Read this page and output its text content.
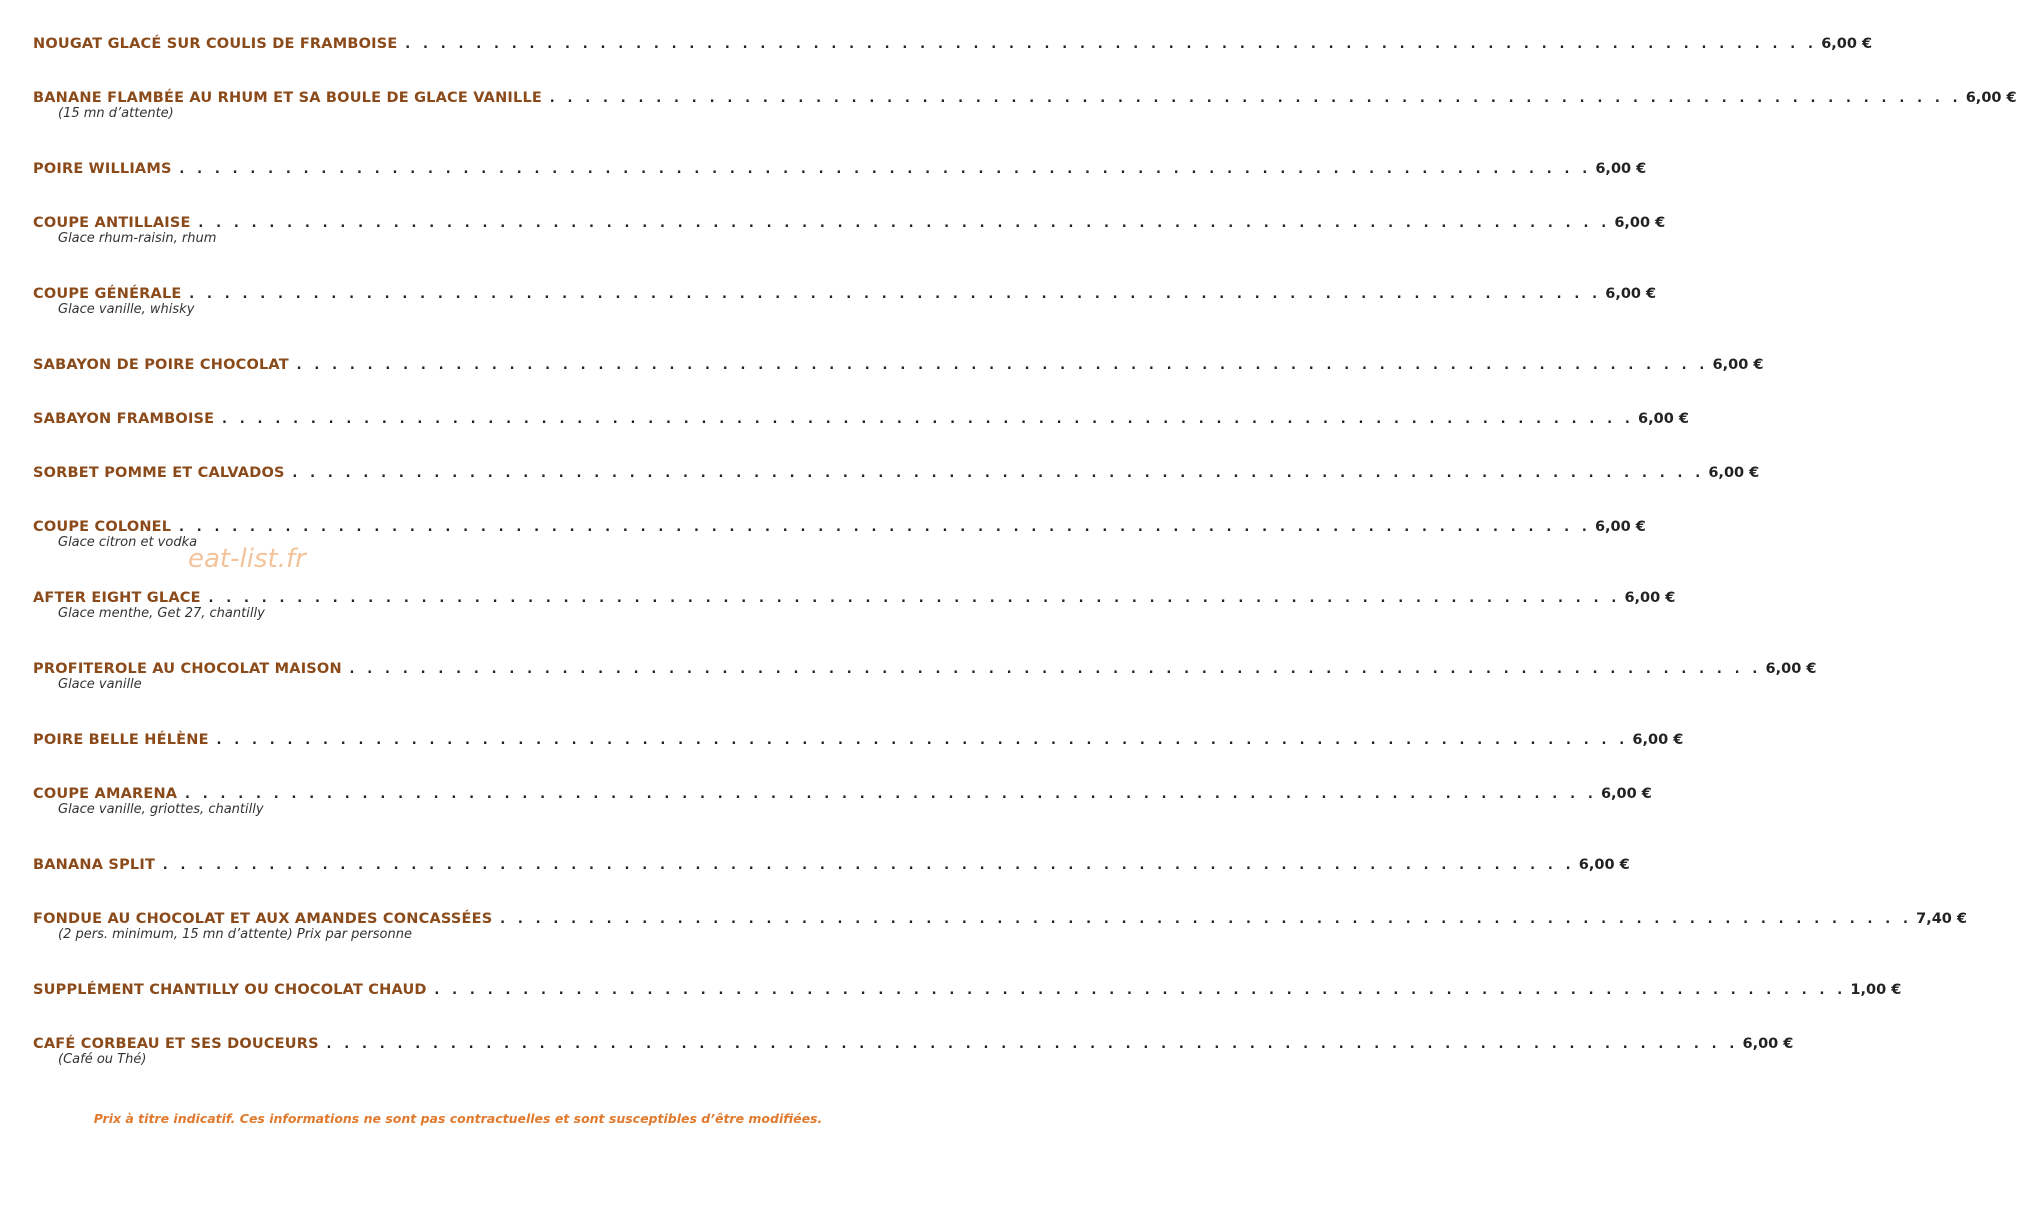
NOUGAT GLACÉ SUR COULIS DE FRAMBOISE . . . . . . . . . . . . . . . . . . . . . . . . . . . . . . . . . . . . . . . . . . . . . . . . . . . . . . . . . . . . . . . . . . . . . . . . . . . . . . . . 6,00 €
BANANE FLAMBÉE AU RHUM ET SA BOULE DE GLACE VANILLE . . . . . . . . . . . . . . . . . . . . . . . . . . . . . . . . . . . . . . . . . . . . . . . . . . . . . . . . . . . . . . . . . . . . . . . . . . . . . . . . 6,00 €
(15 mn d’attente)
POIRE WILLIAMS . . . . . . . . . . . . . . . . . . . . . . . . . . . . . . . . . . . . . . . . . . . . . . . . . . . . . . . . . . . . . . . . . . . . . . . . . . . . . . . . 6,00 €
COUPE ANTILLAISE . . . . . . . . . . . . . . . . . . . . . . . . . . . . . . . . . . . . . . . . . . . . . . . . . . . . . . . . . . . . . . . . . . . . . . . . . . . . . . . . 6,00 €
Glace rhum-raisin, rhum
COUPE GÉNÉRALE . . . . . . . . . . . . . . . . . . . . . . . . . . . . . . . . . . . . . . . . . . . . . . . . . . . . . . . . . . . . . . . . . . . . . . . . . . . . . . . . 6,00 €
Glace vanille, whisky
SABAYON DE POIRE CHOCOLAT . . . . . . . . . . . . . . . . . . . . . . . . . . . . . . . . . . . . . . . . . . . . . . . . . . . . . . . . . . . . . . . . . . . . . . . . . . . . . . . . 6,00 €
SABAYON FRAMBOISE . . . . . . . . . . . . . . . . . . . . . . . . . . . . . . . . . . . . . . . . . . . . . . . . . . . . . . . . . . . . . . . . . . . . . . . . . . . . . . . . 6,00 €
SORBET POMME ET CALVADOS . . . . . . . . . . . . . . . . . . . . . . . . . . . . . . . . . . . . . . . . . . . . . . . . . . . . . . . . . . . . . . . . . . . . . . . . . . . . . . . . 6,00 €
COUPE COLONEL . . . . . . . . . . . . . . . . . . . . . . . . . . . . . . . . . . . . . . . . . . . . . . . . . . . . . . . . . . . . . . . . . . . . . . . . . . . . . . . . 6,00 €
Glace citron et vodka
AFTER EIGHT GLACE . . . . . . . . . . . . . . . . . . . . . . . . . . . . . . . . . . . . . . . . . . . . . . . . . . . . . . . . . . . . . . . . . . . . . . . . . . . . . . . . 6,00 €
Glace menthe, Get 27, chantilly
PROFITEROLE AU CHOCOLAT MAISON . . . . . . . . . . . . . . . . . . . . . . . . . . . . . . . . . . . . . . . . . . . . . . . . . . . . . . . . . . . . . . . . . . . . . . . . . . . . . . . . 6,00 €
Glace vanille
POIRE BELLE HÉLÈNE . . . . . . . . . . . . . . . . . . . . . . . . . . . . . . . . . . . . . . . . . . . . . . . . . . . . . . . . . . . . . . . . . . . . . . . . . . . . . . . . 6,00 €
COUPE AMARENA . . . . . . . . . . . . . . . . . . . . . . . . . . . . . . . . . . . . . . . . . . . . . . . . . . . . . . . . . . . . . . . . . . . . . . . . . . . . . . . . 6,00 €
Glace vanille, griottes, chantilly
BANANA SPLIT . . . . . . . . . . . . . . . . . . . . . . . . . . . . . . . . . . . . . . . . . . . . . . . . . . . . . . . . . . . . . . . . . . . . . . . . . . . . . . . . 6,00 €
FONDUE AU CHOCOLAT ET AUX AMANDES CONCASSÉES . . . . . . . . . . . . . . . . . . . . . . . . . . . . . . . . . . . . . . . . . . . . . . . . . . . . . . . . . . . . . . . . . . . . . . . . . . . . . . . . 7,40 €
(2 pers. minimum, 15 mn d’attente) Prix par personne
SUPPLÉMENT CHANTILLY OU CHOCOLAT CHAUD . . . . . . . . . . . . . . . . . . . . . . . . . . . . . . . . . . . . . . . . . . . . . . . . . . . . . . . . . . . . . . . . . . . . . . . . . . . . . . . . 1,00 €
CAFÉ CORBEAU ET SES DOUCEURS . . . . . . . . . . . . . . . . . . . . . . . . . . . . . . . . . . . . . . . . . . . . . . . . . . . . . . . . . . . . . . . . . . . . . . . . . . . . . . . . 6,00 €
(Café ou Thé)
eat-list.fr
Prix à titre indicatif. Ces informations ne sont pas contractuelles et sont susceptibles d’être modifiées.
